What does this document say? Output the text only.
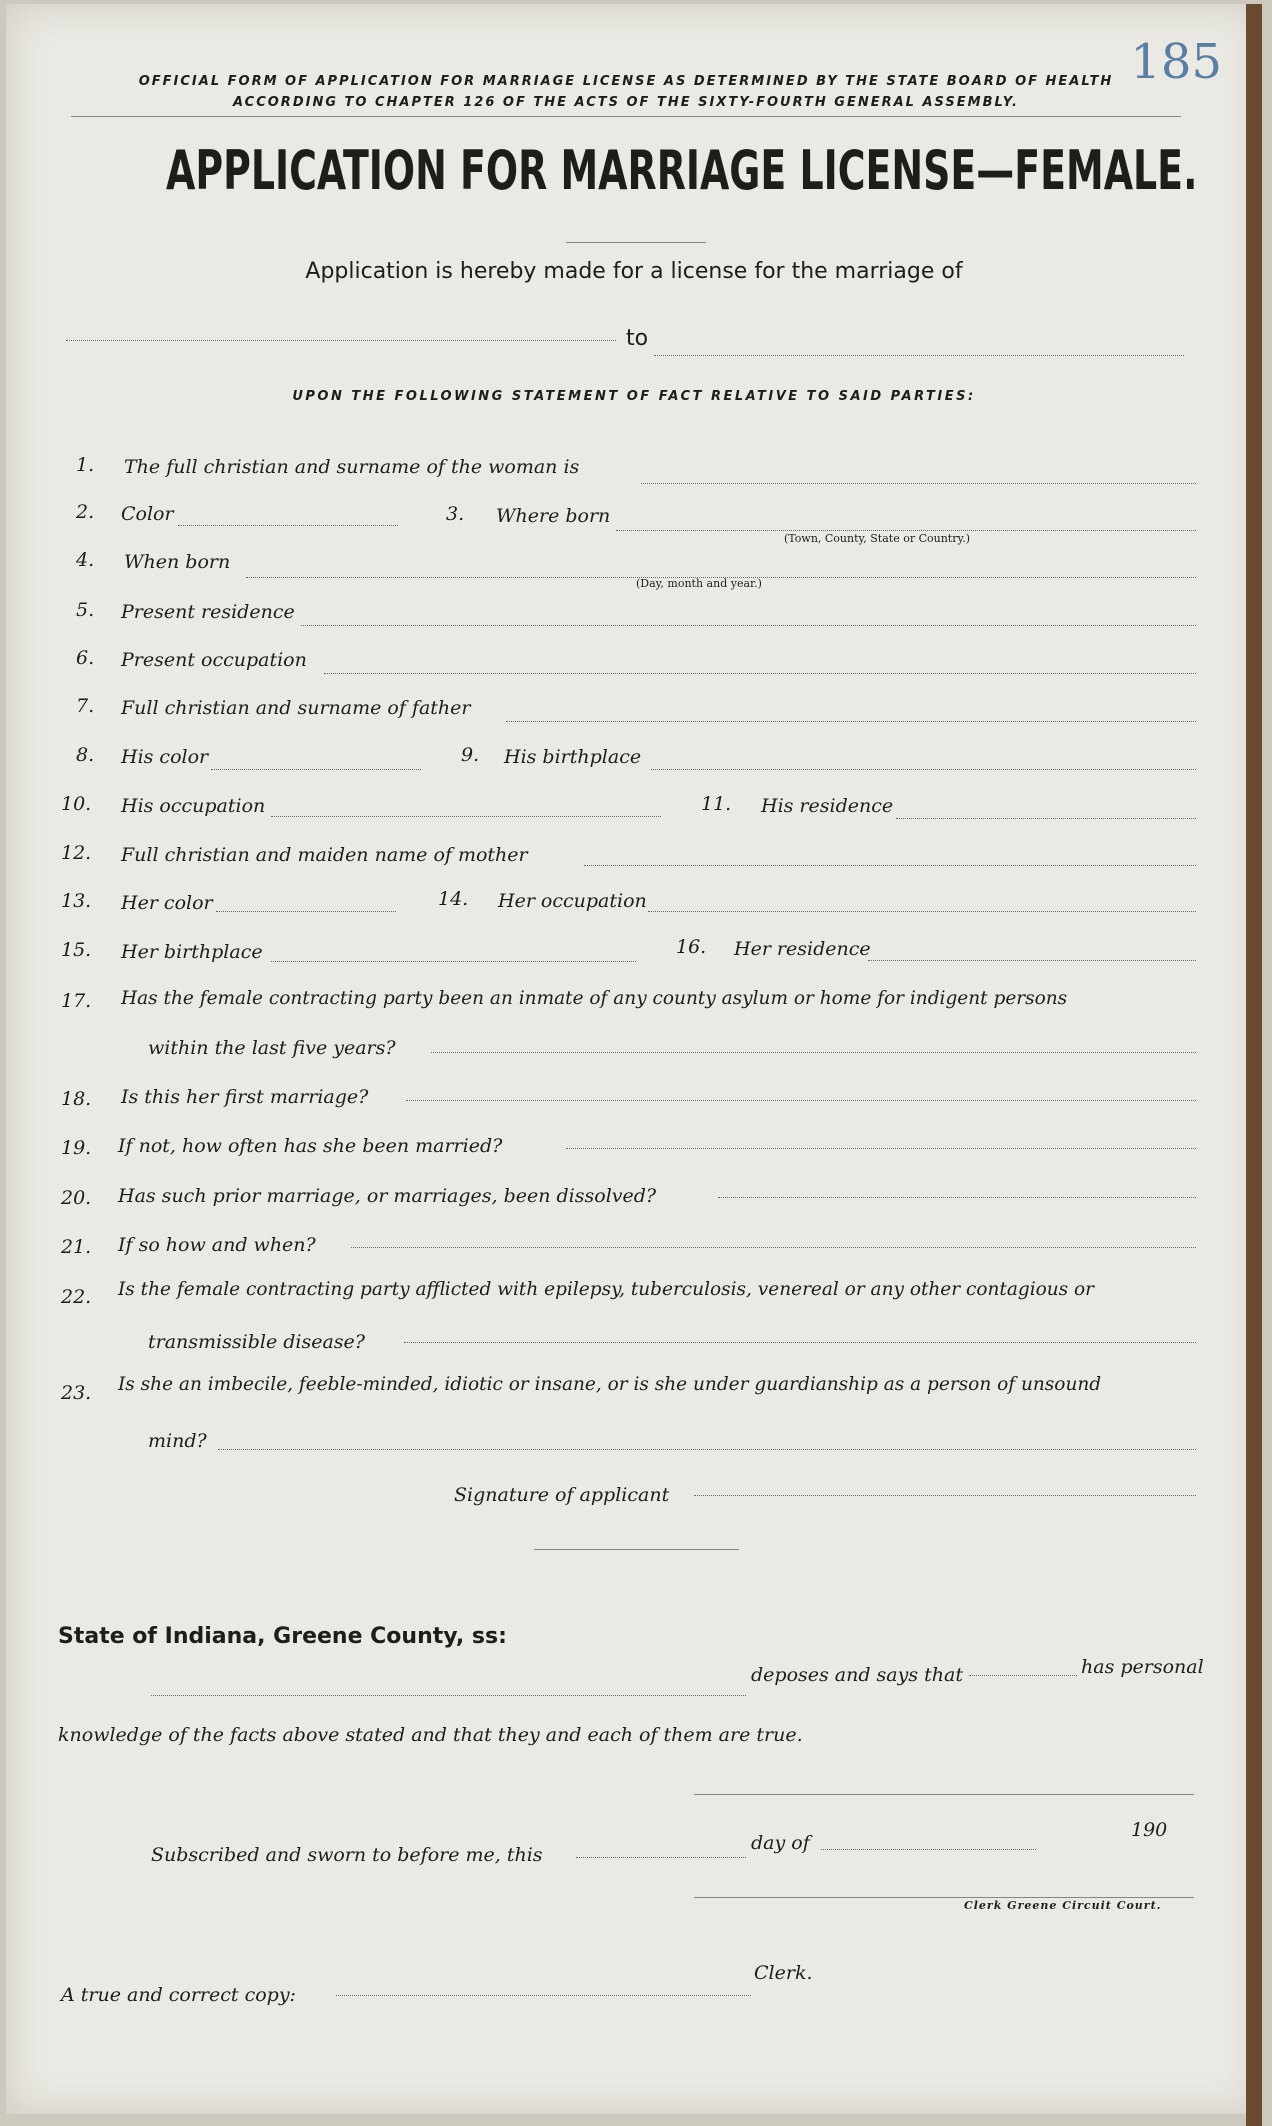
185
OFFICIAL FORM OF APPLICATION FOR MARRIAGE LICENSE AS DETERMINED BY THE STATE BOARD OF HEALTH
ACCORDING TO CHAPTER 126 OF THE ACTS OF THE SIXTY-FOURTH GENERAL ASSEMBLY.
APPLICATION FOR MARRIAGE LICENSE—FEMALE.
Application is hereby made for a license for the marriage of
to
UPON THE FOLLOWING STATEMENT OF FACT RELATIVE TO SAID PARTIES:
1. The full christian and surname of the woman is
2. Color	3. Where born
(Town, County, State or Country.)
4. When born
(Day, month and year.)
5. Present residence
6. Present occupation
7. Full christian and surname of father
8. His color	9. His birthplace
10. His occupation	11. His residence
12. Full christian and maiden name of mother
13. Her color	14. Her occupation
15. Her birthplace	16. Her residence
17. Has the female contracting party been an inmate of any county asylum or home for indigent persons
within the last five years?
18. Is this her first marriage?
19. If not, how often has she been married?
20. Has such prior marriage, or marriages, been dissolved?
21. If so how and when?
22. Is the female contracting party afflicted with epilepsy, tuberculosis, venereal or any other contagious or
transmissible disease?
23. Is she an imbecile, feeble-minded, idiotic or insane, or is she under guardianship as a person of unsound
mind?
Signature of applicant
State of Indiana, Greene County, ss:
deposes and says that	has personal
knowledge of the facts above stated and that they and each of them are true.
Subscribed and sworn to before me, this
day of
190
Clerk Greene Circuit Court.
A true and correct copy:
Clerk.
